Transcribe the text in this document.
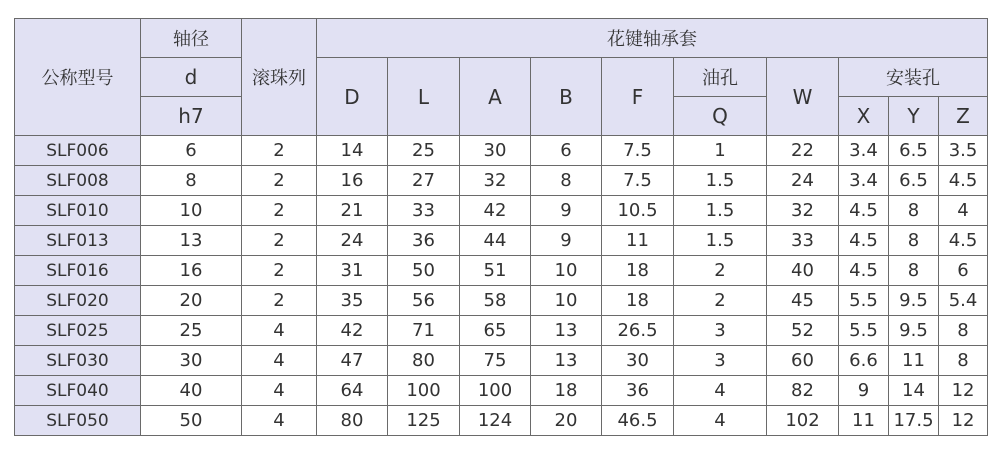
公称型号	轴径	滚珠列	花键轴承套									
	d		D	L	A	B	F	油孔	W	安装孔		
	h7							Q		X	Y	Z
SLF006	6	2	14	25	30	6	7.5	1	22	3.4	6.5	3.5
SLF008	8	2	16	27	32	8	7.5	1.5	24	3.4	6.5	4.5
SLF010	10	2	21	33	42	9	10.5	1.5	32	4.5	8	4
SLF013	13	2	24	36	44	9	11	1.5	33	4.5	8	4.5
SLF016	16	2	31	50	51	10	18	2	40	4.5	8	6
SLF020	20	2	35	56	58	10	18	2	45	5.5	9.5	5.4
SLF025	25	4	42	71	65	13	26.5	3	52	5.5	9.5	8
SLF030	30	4	47	80	75	13	30	3	60	6.6	11	8
SLF040	40	4	64	100	100	18	36	4	82	9	14	12
SLF050	50	4	80	125	124	20	46.5	4	102	11	17.5	12
